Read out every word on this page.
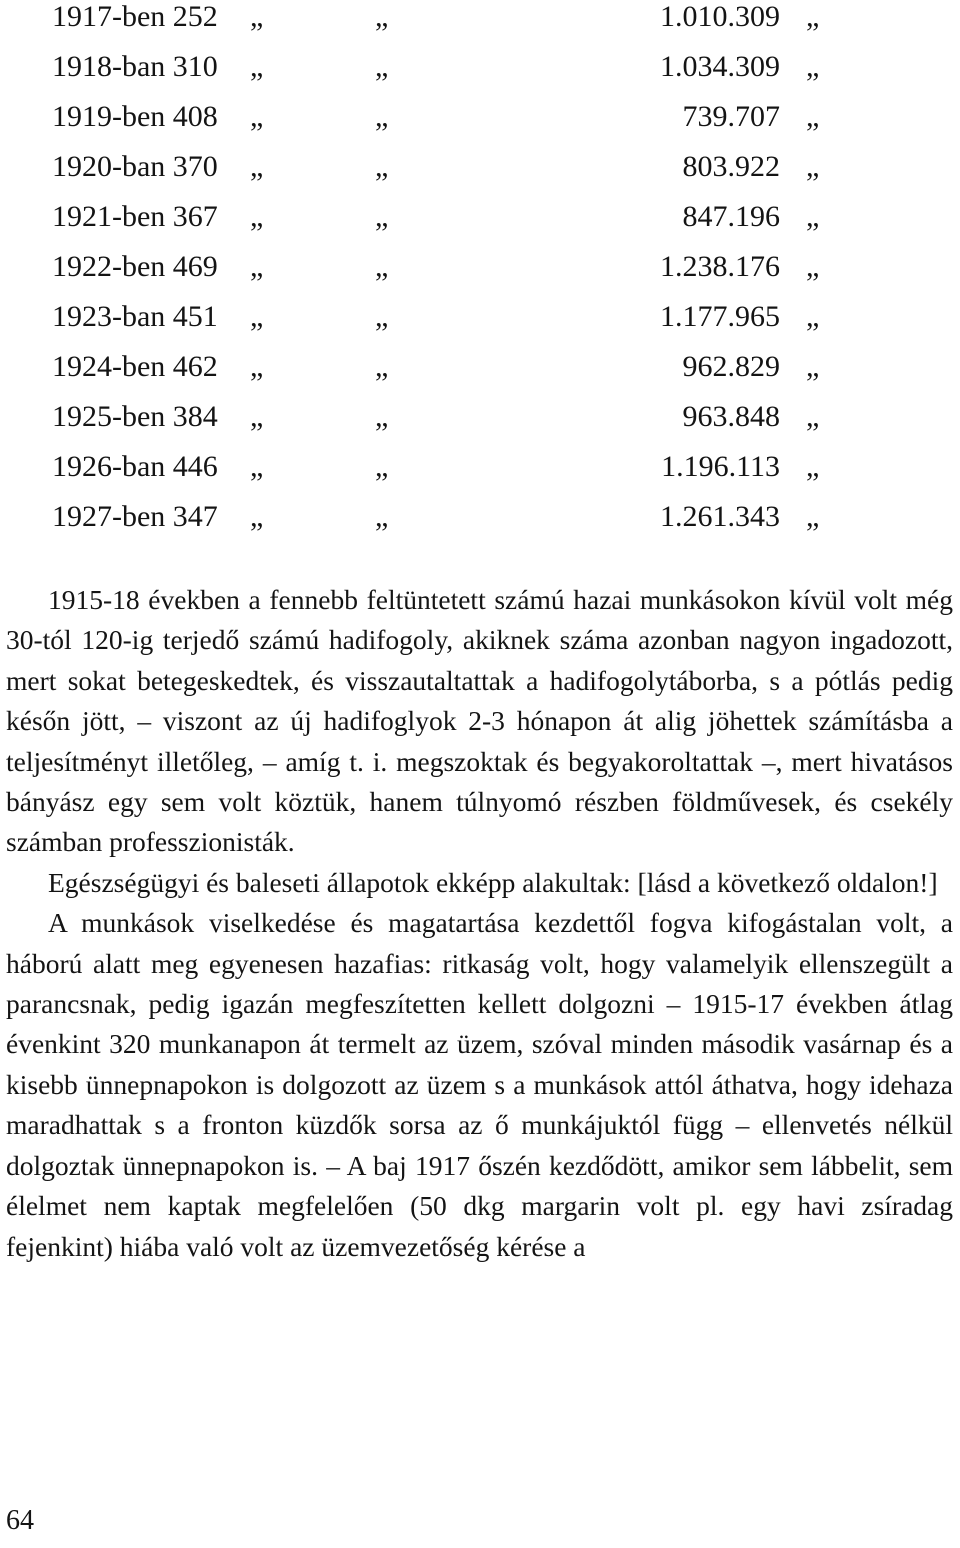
1917-ben 252 „	„	1.010.309 „
1918-ban 310 „	„	1.034.309 „
1919-ben 408 „	„	739.707 „
1920-ban 370 „	„	803.922 „
1921-ben 367 „	„	847.196 „
1922-ben 469 „	„	1.238.176 „
1923-ban 451 „	„	1.177.965 „
1924-ben 462 „	„	962.829 „
1925-ben 384 „	„	963.848 „
1926-ban 446 „	„	1.196.113 „
1927-ben 347 „	„	1.261.343 „

1915-18 években a fennebb feltüntetett számú hazai munkásokon kívül volt még 30-tól 120-ig terjedő számú hadifogoly, akiknek száma azonban nagyon ingadozott, mert sokat betegeskedtek, és visszautaltattak a hadifogolytáborba, s a pótlás pedig későn jött, – viszont az új hadifoglyok 2-3 hónapon át alig jöhettek számításba a teljesítményt illetőleg, – amíg t. i. megszoktak és begyakoroltattak –, mert hivatásos bányász egy sem volt köztük, hanem túlnyomó részben földművesek, és csekély számban professzionisták.

Egészségügyi és baleseti állapotok ekképp alakultak: [lásd a következő oldalon!]

A munkások viselkedése és magatartása kezdettől fogva kifogástalan volt, a háború alatt meg egyenesen hazafias: ritkaság volt, hogy valamelyik ellenszegült a parancsnak, pedig igazán megfeszítetten kellett dolgozni – 1915-17 években átlag évenkint 320 munkanapon át termelt az üzem, szóval minden második vasárnap és a kisebb ünnepnapokon is dolgozott az üzem s a munkások attól áthatva, hogy idehaza maradhattak s a fronton küzdők sorsa az ő munkájuktól függ – ellenvetés nélkül dolgoztak ünnepnapokon is. – A baj 1917 őszén kezdődött, amikor sem lábbelit, sem élelmet nem kaptak megfelelően (50 dkg margarin volt pl. egy havi zsíradag fejenkint) hiába való volt az üzemvezetőség kérése a

64
